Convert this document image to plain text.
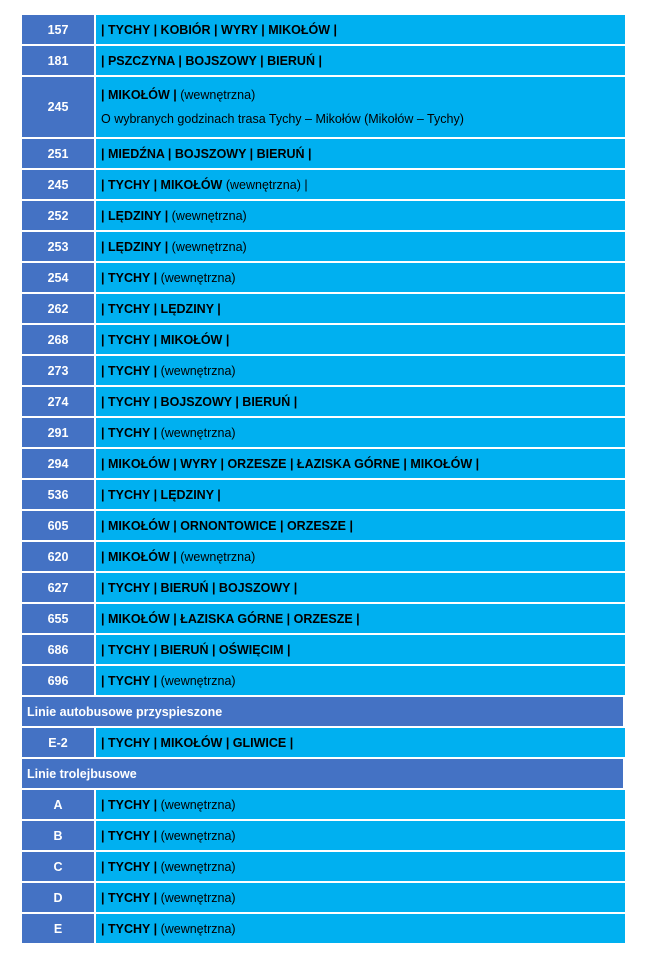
157	| TYCHY | KOBIÓR | WYRY | MIKOŁÓW |
181	| PSZCZYNA | BOJSZOWY | BIERUŃ |
245
| MIKOŁÓW | (wewnętrzna)
O wybranych godzinach trasa Tychy – Mikołów (Mikołów – Tychy)
251	| MIEDŹNA | BOJSZOWY | BIERUŃ |
245	| TYCHY | MIKOŁÓW (wewnętrzna) |
252	| LĘDZINY | (wewnętrzna)
253	| LĘDZINY | (wewnętrzna)
254	| TYCHY | (wewnętrzna)
262	| TYCHY | LĘDZINY |
268	| TYCHY | MIKOŁÓW |
273	| TYCHY | (wewnętrzna)
274	| TYCHY | BOJSZOWY | BIERUŃ |
291	| TYCHY | (wewnętrzna)
294	| MIKOŁÓW | WYRY | ORZESZE | ŁAZISKA GÓRNE | MIKOŁÓW |
536	| TYCHY | LĘDZINY |
605	| MIKOŁÓW | ORNONTOWICE | ORZESZE |
620	| MIKOŁÓW | (wewnętrzna)
627	| TYCHY | BIERUŃ | BOJSZOWY |
655	| MIKOŁÓW | ŁAZISKA GÓRNE | ORZESZE |
686	| TYCHY | BIERUŃ | OŚWIĘCIM |
696	| TYCHY | (wewnętrzna)
Linie autobusowe przyspieszone
E-2	| TYCHY | MIKOŁÓW | GLIWICE |
Linie trolejbusowe
A	| TYCHY | (wewnętrzna)
B	| TYCHY | (wewnętrzna)
C	| TYCHY | (wewnętrzna)
D	| TYCHY | (wewnętrzna)
E	| TYCHY | (wewnętrzna)
